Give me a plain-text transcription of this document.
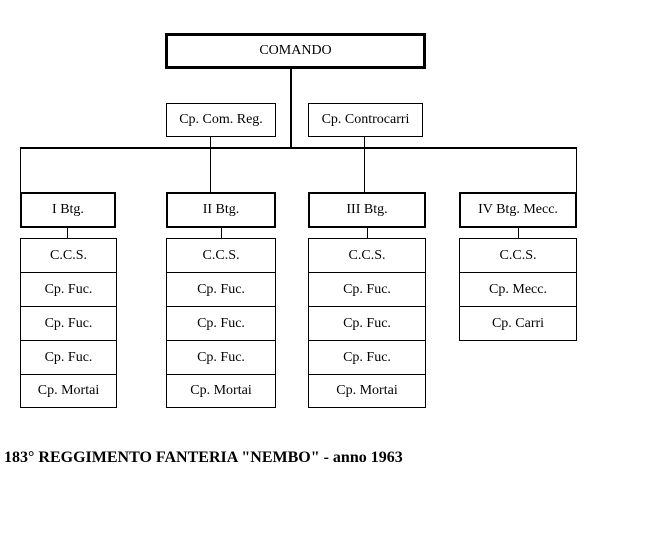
COMANDO
Cp. Com. Reg.	Cp. Controcarri
I Btg.	II Btg.	III Btg.	IV Btg. Mecc.
C.C.S.
Cp. Fuc.
Cp. Fuc.
Cp. Fuc.
Cp. Mortai
C.C.S.
Cp. Fuc.
Cp. Fuc.
Cp. Fuc.
Cp. Mortai
C.C.S.
Cp. Fuc.
Cp. Fuc.
Cp. Fuc.
Cp. Mortai
C.C.S.
Cp. Mecc.
Cp. Carri
183° REGGIMENTO FANTERIA "NEMBO" - anno 1963
